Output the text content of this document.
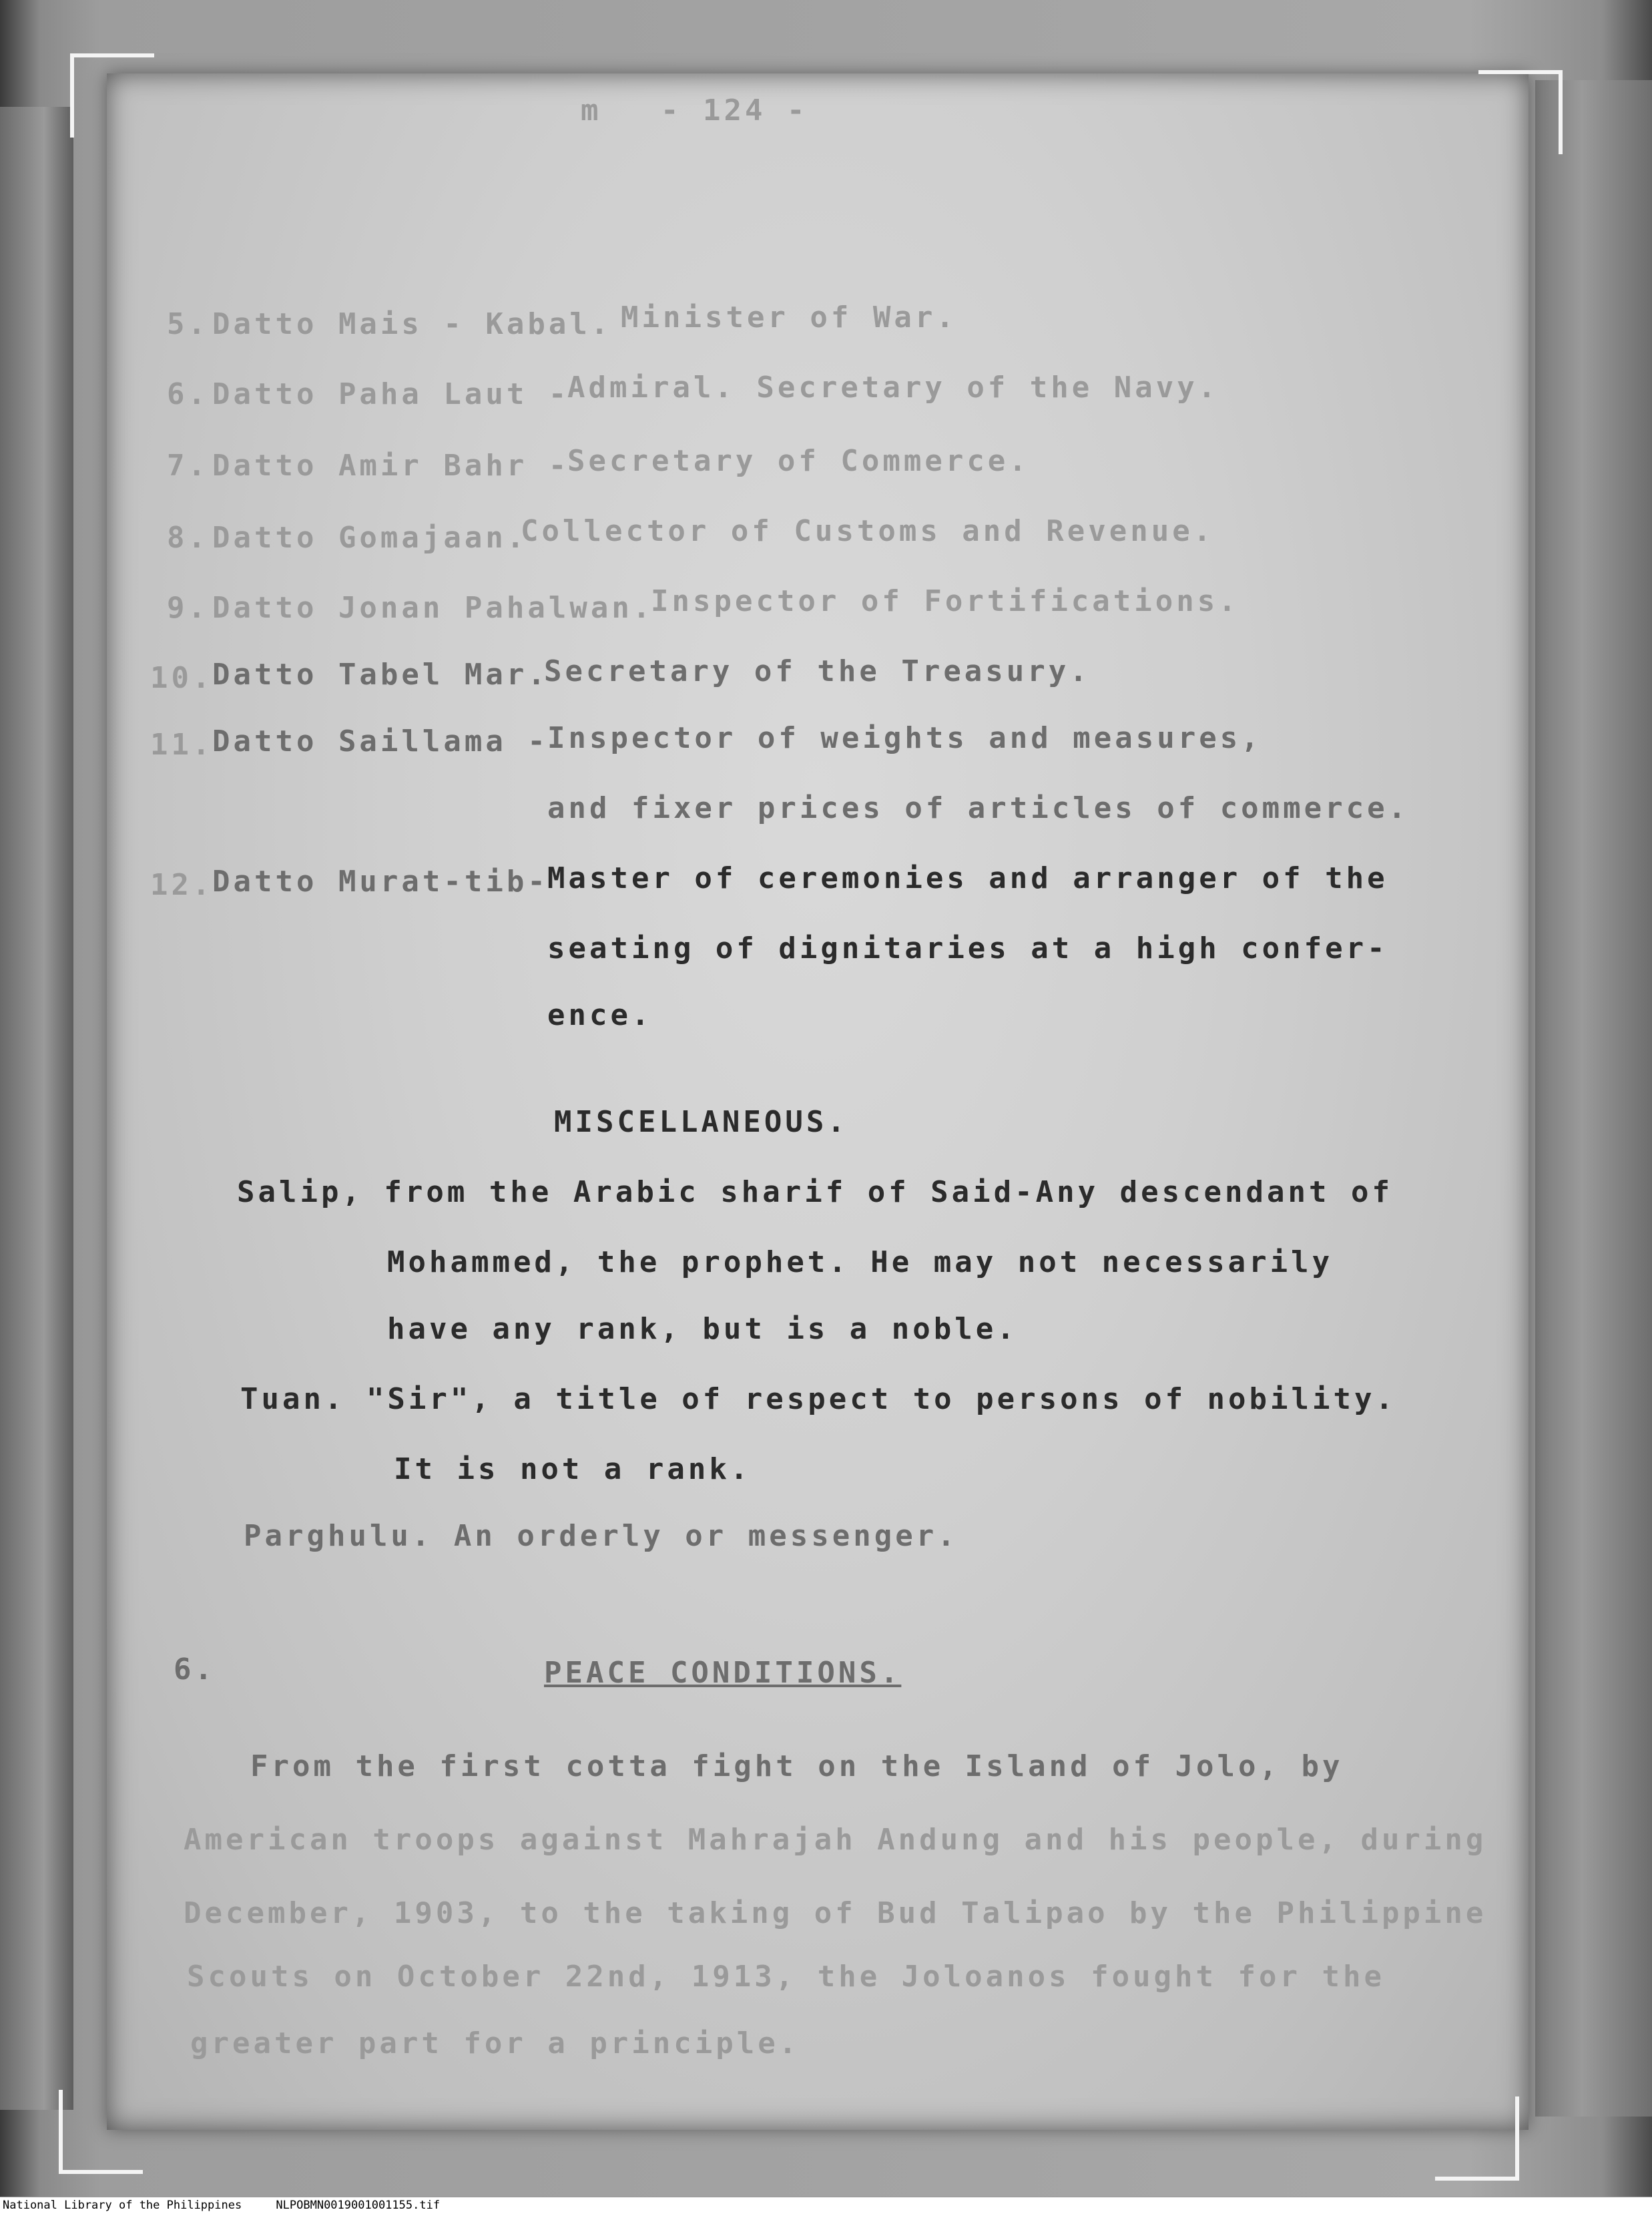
m - 124 -
5. Datto Mais - Kabal. Minister of War.
6. Datto Paha Laut -
Admiral. Secretary of the Navy.
7. Datto Amir Bahr -
Secretary of Commerce.
8. Datto Gomajaan.
Collector of Customs and Revenue.
9. Datto Jonan Pahalwan.
Inspector of Fortifications.
10.
Datto Tabel Mar.
Secretary of the Treasury.
11.
Datto Saillama -
Inspector of weights and measures,
and fixer prices of articles of commerce.
12.
Datto Murat-tib-
Master of ceremonies and arranger of the
seating of dignitaries at a high confer-
ence.
MISCELLANEOUS.
Salip, from the Arabic sharif of Said-Any descendant of
Mohammed, the prophet. He may not necessarily
have any rank, but is a noble.
Tuan. "Sir", a title of respect to persons of nobility.
It is not a rank.
Parghulu. An orderly or messenger.
6.	PEACE CONDITIONS.
From the first cotta fight on the Island of Jolo, by
American troops against Mahrajah Andung and his people, during
December, 1903, to the taking of Bud Talipao by the Philippine
Scouts on October 22nd, 1913, the Joloanos fought for the
greater part for a principle.
National Library of the Philippines	NLPOBMN0019001001155.tif
